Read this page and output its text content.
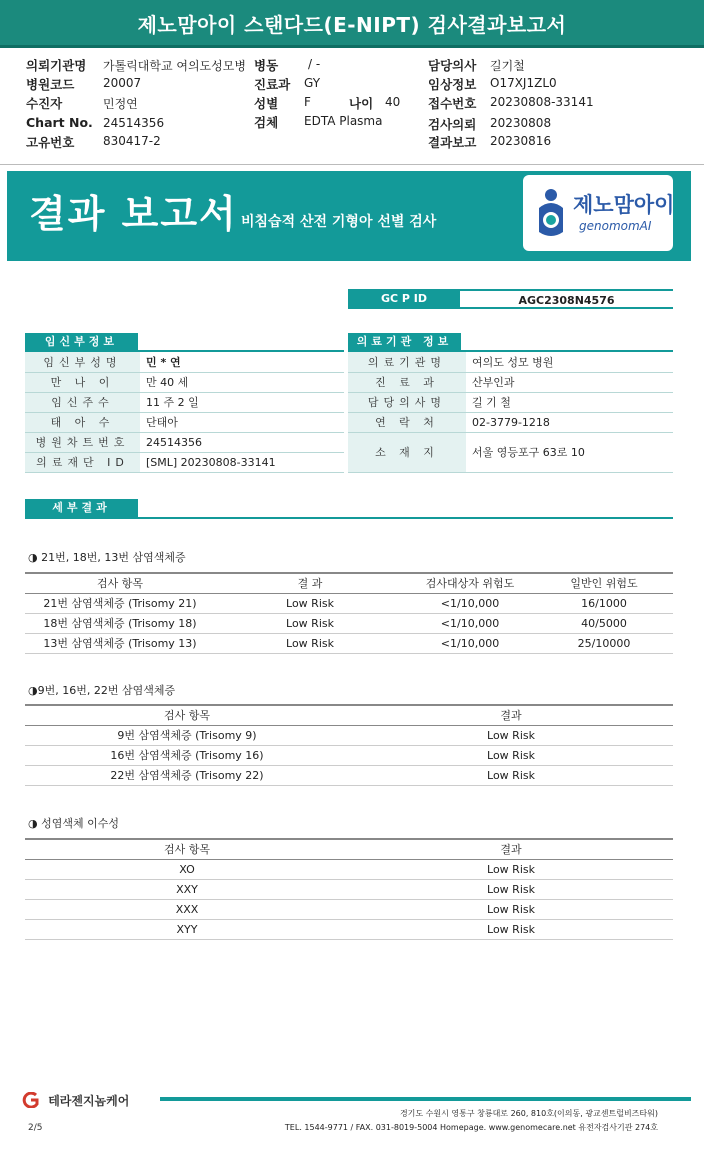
제노맘아이 스탠다드(E-NIPT) 검사결과보고서
의뢰기관명 가톨릭대학교 여의도성모병 병동 / -	담당의사 길기철
병원코드 20007	진료과 GY	임상정보 O17XJ1ZL0
수진자	민정연	성별 F	나이 40 접수번호 20230808-33141
Chart No. 24514356	검체 EDTA Plasma	검사의뢰 20230808
고유번호 830417-2	결과보고 20230816
결과 보고서 비침습적 산전 기형아 선별 검사
제노맘아이
genomomAI
GC P ID	AGC2308N4576
임신부정보
임신부성명	민 * 연
만 나 이	만 40 세
임신주수	11 주 2 일
태 아 수	단태아
병원차트번호	24514356
의료재단 ID	[SML] 20230808-33141
의료기관 정보
의료기관명	여의도 성모 병원
진 료 과	산부인과
담당의사명	길 기 철
연 락 처	02-3779-1218
소 재 지	서울 영등포구 63로 10
세부결과
◑ 21번, 18번, 13번 삼염색체증
검사 항목	결 과	검사대상자 위험도	일반인 위험도
21번 삼염색체증 (Trisomy 21)	Low Risk	<1/10,000	16/1000
18번 삼염색체증 (Trisomy 18)	Low Risk	<1/10,000	40/5000
13번 삼염색체증 (Trisomy 13)	Low Risk	<1/10,000	25/10000
◑9번, 16번, 22번 삼염색체증
검사 항목	결과
9번 삼염색체증 (Trisomy 9)	Low Risk
16번 삼염색체증 (Trisomy 16)	Low Risk
22번 삼염색체증 (Trisomy 22)	Low Risk
◑ 성염색체 이수성
검사 항목	결과
XO	Low Risk
XXY	Low Risk
XXX	Low Risk
XYY	Low Risk
테라젠지놈케어
경기도 수원시 영통구 창룡대로 260, 810호(이의동, 광교센트럴비즈타워)
TEL. 1544-9771 / FAX. 031-8019-5004 Homepage. www.genomecare.net 유전자검사기관 274호
2/5
